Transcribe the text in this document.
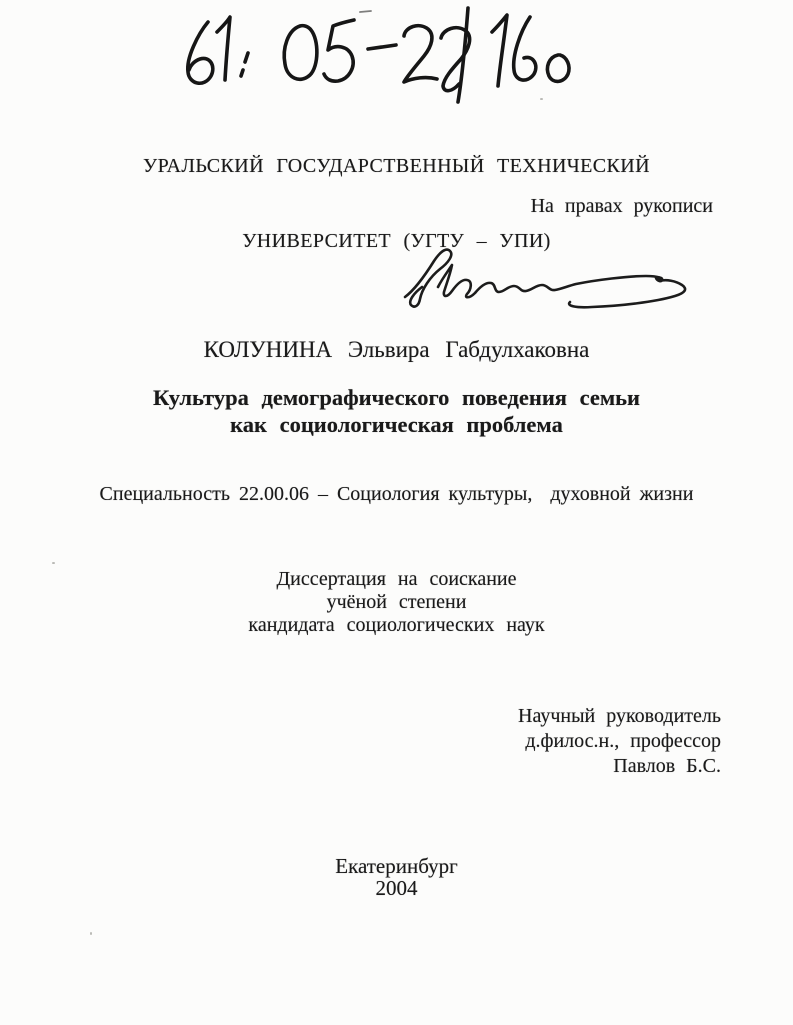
УРАЛЬСКИЙ ГОСУДАРСТВЕННЫЙ ТЕХНИЧЕСКИЙ

УНИВЕРСИТЕТ (УГТУ – УПИ)

На правах рукописи
КОЛУНИНА Эльвира Габдулхаковна
Культура демографического поведения семьи
как социологическая проблема
Специальность 22.00.06 – Социология культуры,  духовной жизни
Диссертация на соискание
учёной степени
кандидата социологических наук
Научный руководитель
д.филос.н., профессор
Павлов Б.С.
Екатеринбург
2004
